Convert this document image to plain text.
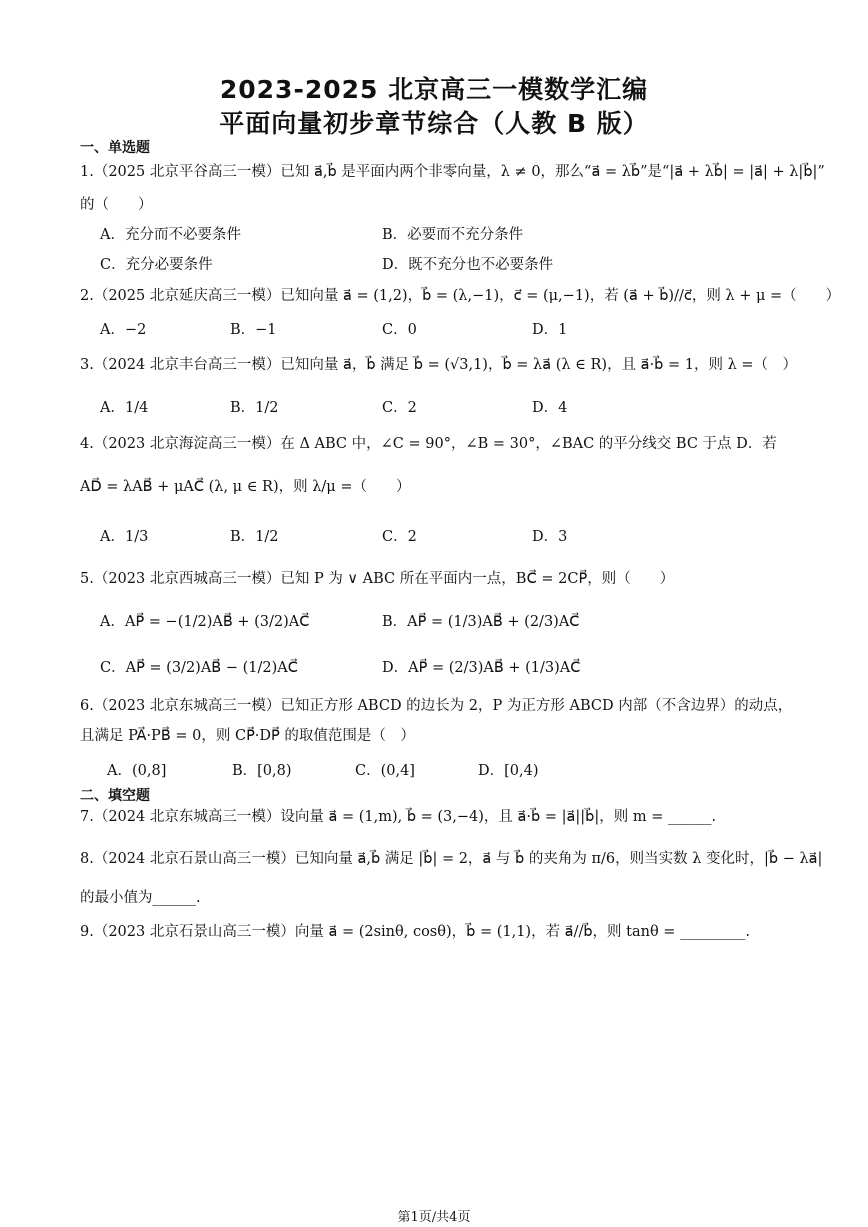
2023-2025 北京高三一模数学汇编
平面向量初步章节综合（人教 B 版）
一、单选题
1.（2025 北京平谷高三一模）已知 a⃗,b⃗ 是平面内两个非零向量，λ ≠ 0，那么“a⃗ = λb⃗”是“|a⃗ + λb⃗| = |a⃗| + λ|b⃗|”
的（　　）
A．充分而不必要条件	B．必要而不充分条件
C．充分必要条件	D．既不充分也不必要条件
2.（2025 北京延庆高三一模）已知向量 a⃗ = (1,2)，b⃗ = (λ,−1)，c⃗ = (μ,−1)，若 (a⃗ + b⃗)//c⃗，则 λ + μ =（　　）
A．−2	B．−1	C．0	D．1
3.（2024 北京丰台高三一模）已知向量 a⃗，b⃗ 满足 b⃗ = (√3,1)，b⃗ = λa⃗ (λ ∈ R)，且 a⃗·b⃗ = 1，则 λ =（　）
A．1/4	B．1/2	C．2	D．4
4.（2023 北京海淀高三一模）在 Δ ABC 中，∠C = 90°，∠B = 30°，∠BAC 的平分线交 BC 于点 D．若
AD⃗ = λAB⃗ + μAC⃗ (λ, μ ∈ R)，则 λ/μ =（　　）
A．1/3	B．1/2	C．2	D．3
5.（2023 北京西城高三一模）已知 P 为 ∨ ABC 所在平面内一点，BC⃗ = 2CP⃗，则（　　）
A．AP⃗ = −(1/2)AB⃗ + (3/2)AC⃗	B．AP⃗ = (1/3)AB⃗ + (2/3)AC⃗
C．AP⃗ = (3/2)AB⃗ − (1/2)AC⃗	D．AP⃗ = (2/3)AB⃗ + (1/3)AC⃗
6.（2023 北京东城高三一模）已知正方形 ABCD 的边长为 2，P 为正方形 ABCD 内部（不含边界）的动点，
且满足 PA⃗·PB⃗ = 0，则 CP⃗·DP⃗ 的取值范围是（　）
A．(0,8]	B．[0,8)	C．(0,4]	D．[0,4)
二、填空题
7.（2024 北京东城高三一模）设向量 a⃗ = (1,m), b⃗ = (3,−4)，且 a⃗·b⃗ = |a⃗||b⃗|，则 m = ______.
8.（2024 北京石景山高三一模）已知向量 a⃗,b⃗ 满足 |b⃗| = 2，a⃗ 与 b⃗ 的夹角为 π/6，则当实数 λ 变化时，|b⃗ − λa⃗|
的最小值为______.
9.（2023 北京石景山高三一模）向量 a⃗ = (2sinθ, cosθ)，b⃗ = (1,1)，若 a⃗//b⃗，则 tanθ = _________.
第1页/共4页
